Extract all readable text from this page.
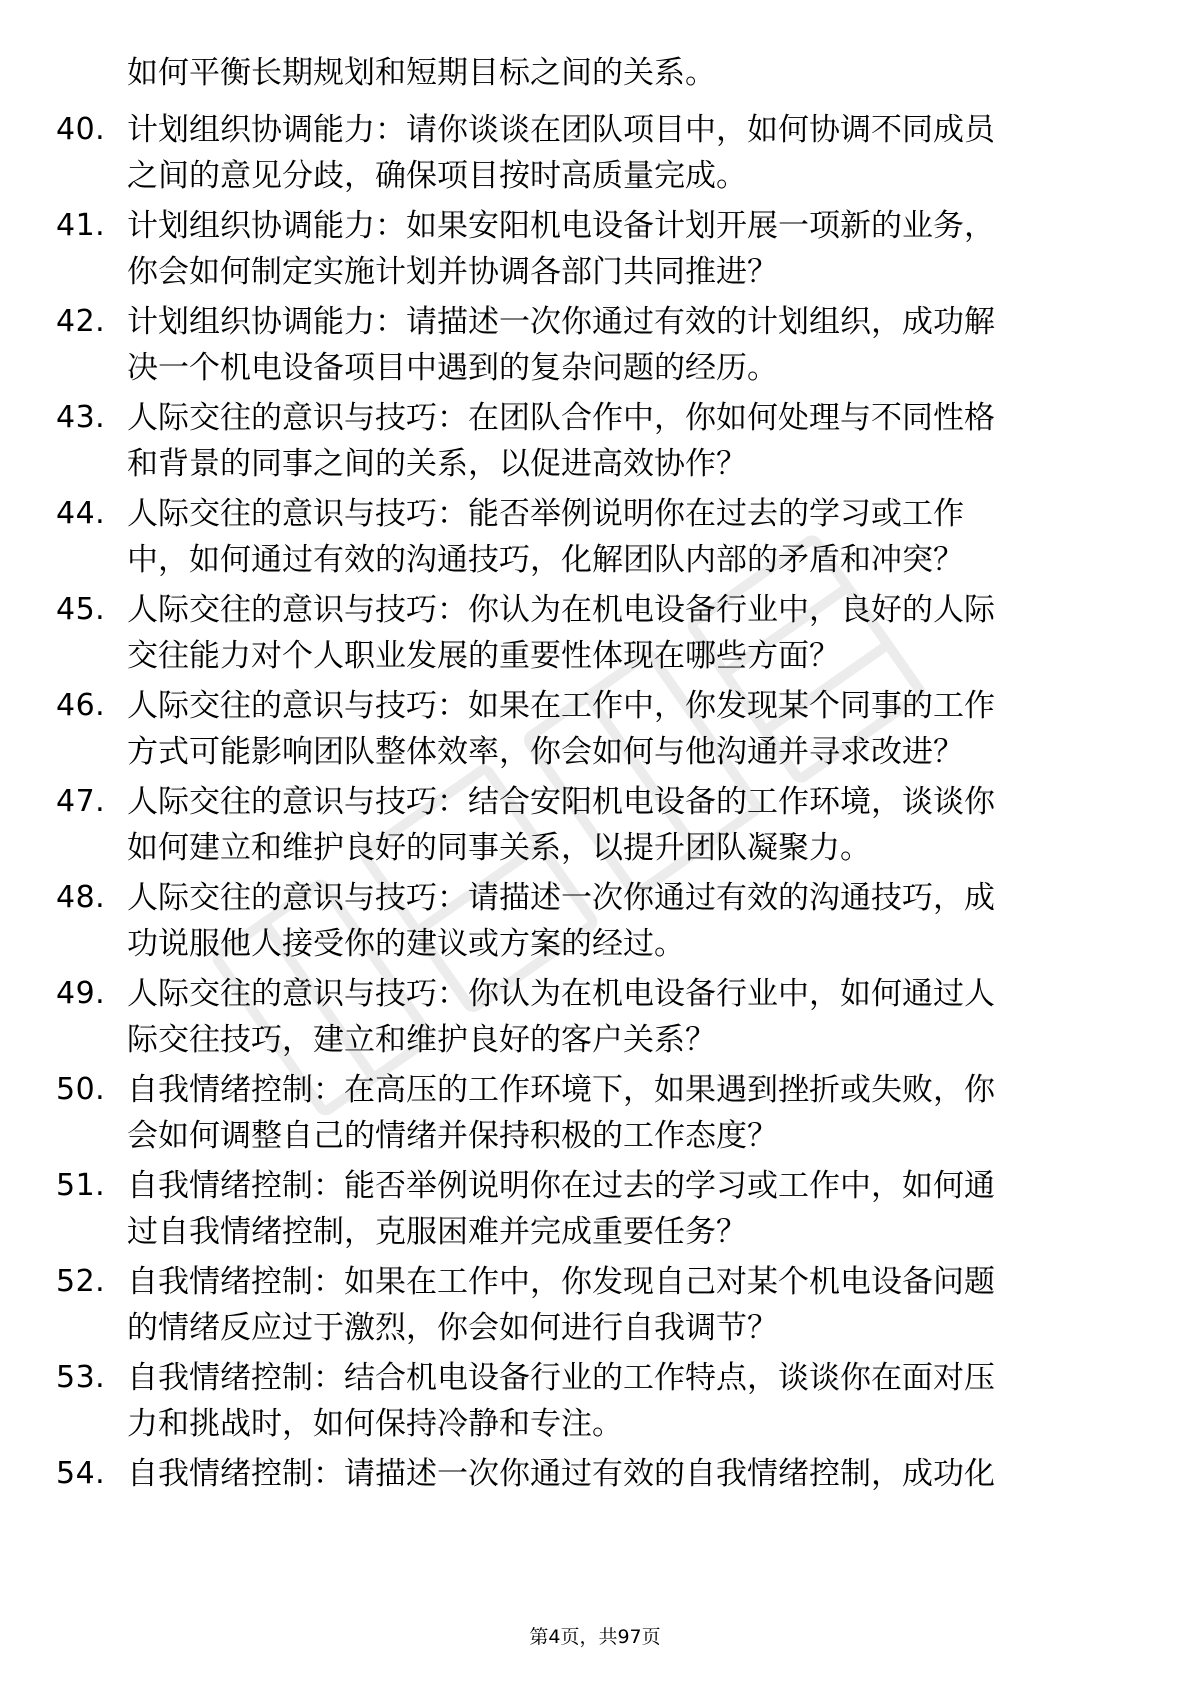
如何平衡长期规划和短期目标之间的关系。
40. 计划组织协调能力：请你谈谈在团队项目中，如何协调不同成员
之间的意见分歧，确保项目按时高质量完成。
41. 计划组织协调能力：如果安阳机电设备计划开展一项新的业务，
你会如何制定实施计划并协调各部门共同推进？
42. 计划组织协调能力：请描述一次你通过有效的计划组织，成功解
决一个机电设备项目中遇到的复杂问题的经历。
43. 人际交往的意识与技巧：在团队合作中，你如何处理与不同性格
和背景的同事之间的关系，以促进高效协作？
44. 人际交往的意识与技巧：能否举例说明你在过去的学习或工作
中，如何通过有效的沟通技巧，化解团队内部的矛盾和冲突？
45. 人际交往的意识与技巧：你认为在机电设备行业中，良好的人际
交往能力对个人职业发展的重要性体现在哪些方面？
46. 人际交往的意识与技巧：如果在工作中，你发现某个同事的工作
方式可能影响团队整体效率，你会如何与他沟通并寻求改进？
47. 人际交往的意识与技巧：结合安阳机电设备的工作环境，谈谈你
如何建立和维护良好的同事关系，以提升团队凝聚力。
48. 人际交往的意识与技巧：请描述一次你通过有效的沟通技巧，成
功说服他人接受你的建议或方案的经过。
49. 人际交往的意识与技巧：你认为在机电设备行业中，如何通过人
际交往技巧，建立和维护良好的客户关系？
50. 自我情绪控制：在高压的工作环境下，如果遇到挫折或失败，你
会如何调整自己的情绪并保持积极的工作态度？
51. 自我情绪控制：能否举例说明你在过去的学习或工作中，如何通
过自我情绪控制，克服困难并完成重要任务？
52. 自我情绪控制：如果在工作中，你发现自己对某个机电设备问题
的情绪反应过于激烈，你会如何进行自我调节？
53. 自我情绪控制：结合机电设备行业的工作特点，谈谈你在面对压
力和挑战时，如何保持冷静和专注。
54. 自我情绪控制：请描述一次你通过有效的自我情绪控制，成功化
第4页，共97页
